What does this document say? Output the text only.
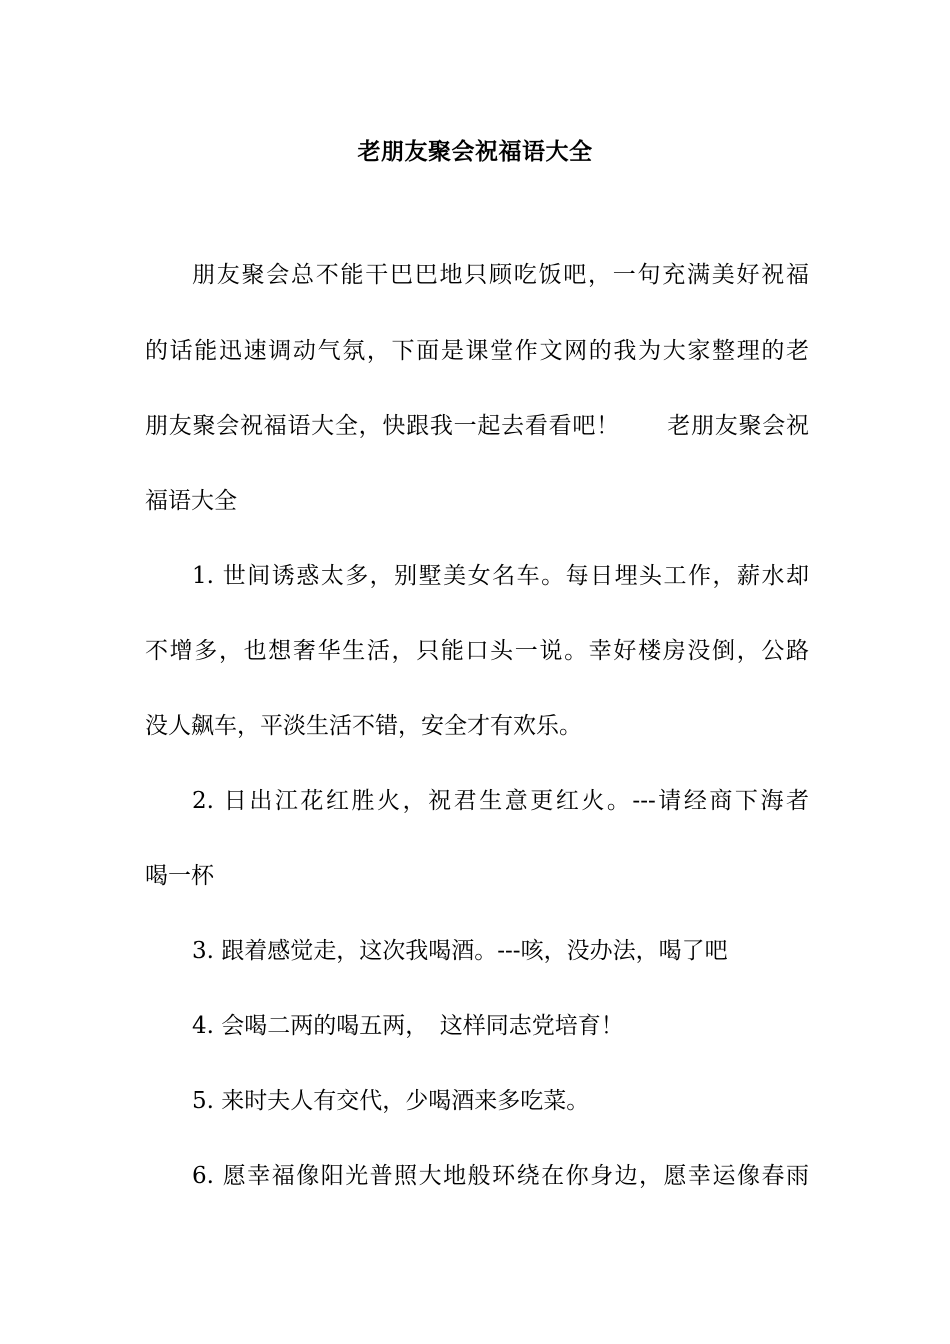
老朋友聚会祝福语大全
朋友聚会总不能干巴巴地只顾吃饭吧，一句充满美好祝福
的话能迅速调动气氛，下面是课堂作文网的我为大家整理的老
朋友聚会祝福语大全，快跟我一起去看看吧！　　老朋友聚会祝
福语大全
1. 世间诱惑太多，别墅美女名车。每日埋头工作，薪水却
不增多，也想奢华生活，只能口头一说。幸好楼房没倒，公路
没人飙车，平淡生活不错，安全才有欢乐。
2. 日出江花红胜火，祝君生意更红火。---请经商下海者
喝一杯
3. 跟着感觉走，这次我喝酒。---咳，没办法，喝了吧
4. 会喝二两的喝五两，　这样同志党培育！
5. 来时夫人有交代，少喝酒来多吃菜。
6. 愿幸福像阳光普照大地般环绕在你身边，愿幸运像春雨
